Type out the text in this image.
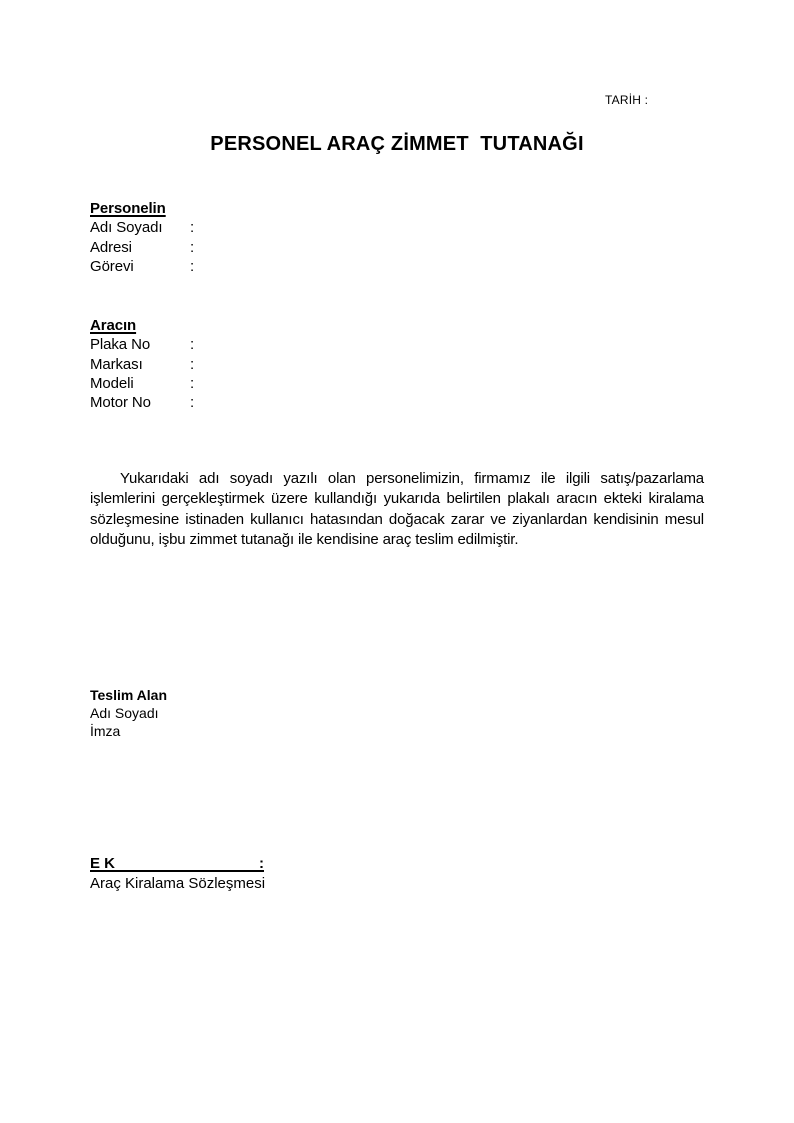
TARİH :
PERSONEL ARAÇ ZİMMET  TUTANAĞI
Personelin
Adı Soyadı :
Adresi	:
Görevi	:
Aracın
Plaka No	:
Markası	:
Modeli	:
Motor No	:
Yukarıdaki adı soyadı yazılı olan personelimizin, firmamız ile ilgili satış/pazarlama işlemlerini gerçekleştirmek üzere kullandığı yukarıda belirtilen plakalı aracın ekteki kiralama sözleşmesine istinaden kullanıcı hatasından doğacak zarar ve ziyanlardan kendisinin mesul olduğunu, işbu zimmet tutanağı ile kendisine araç teslim edilmiştir.
Teslim Alan
Adı Soyadı
İmza
E K	:
Araç Kiralama Sözleşmesi
